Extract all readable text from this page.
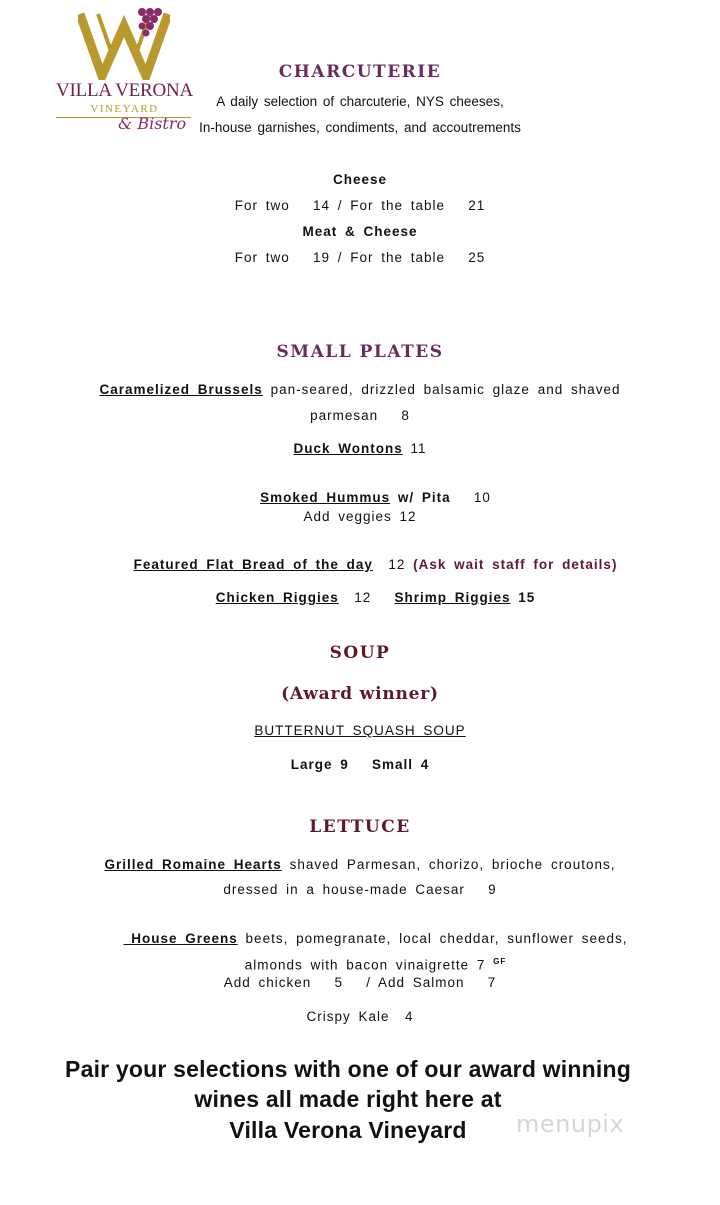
VILLA VERONA
VINEYARD
& Bistro
CHARCUTERIE
A daily selection of charcuterie, NYS cheeses,
In-house garnishes, condiments, and accoutrements
Cheese
For two   14 / For the table   21
Meat & Cheese
For two   19 / For the table   25
SMALL PLATES
Caramelized Brussels pan-seared, drizzled balsamic glaze and shaved
parmesan   8
Duck Wontons 11

Smoked Hummus w/ Pita   10

Add veggies 12

Featured Flat Bread of the day  12 (Ask wait staff for details)

Chicken Riggies  12   Shrimp Riggies 15

SOUP
(Award winner)
BUTTERNUT SQUASH SOUP
Large 9   Small 4
LETTUCE
Grilled Romaine Hearts shaved Parmesan, chorizo, brioche croutons,
dressed in a house-made Caesar   9

House Greens beets, pomegranate, local cheddar, sunflower seeds,

almonds with bacon vinaigrette 7 $^{GF}$

Add chicken   5   / Add Salmon   7
Crispy Kale  4
Pair your selections with one of our award winning
wines all made right here at
Villa Verona Vineyard	menupix
